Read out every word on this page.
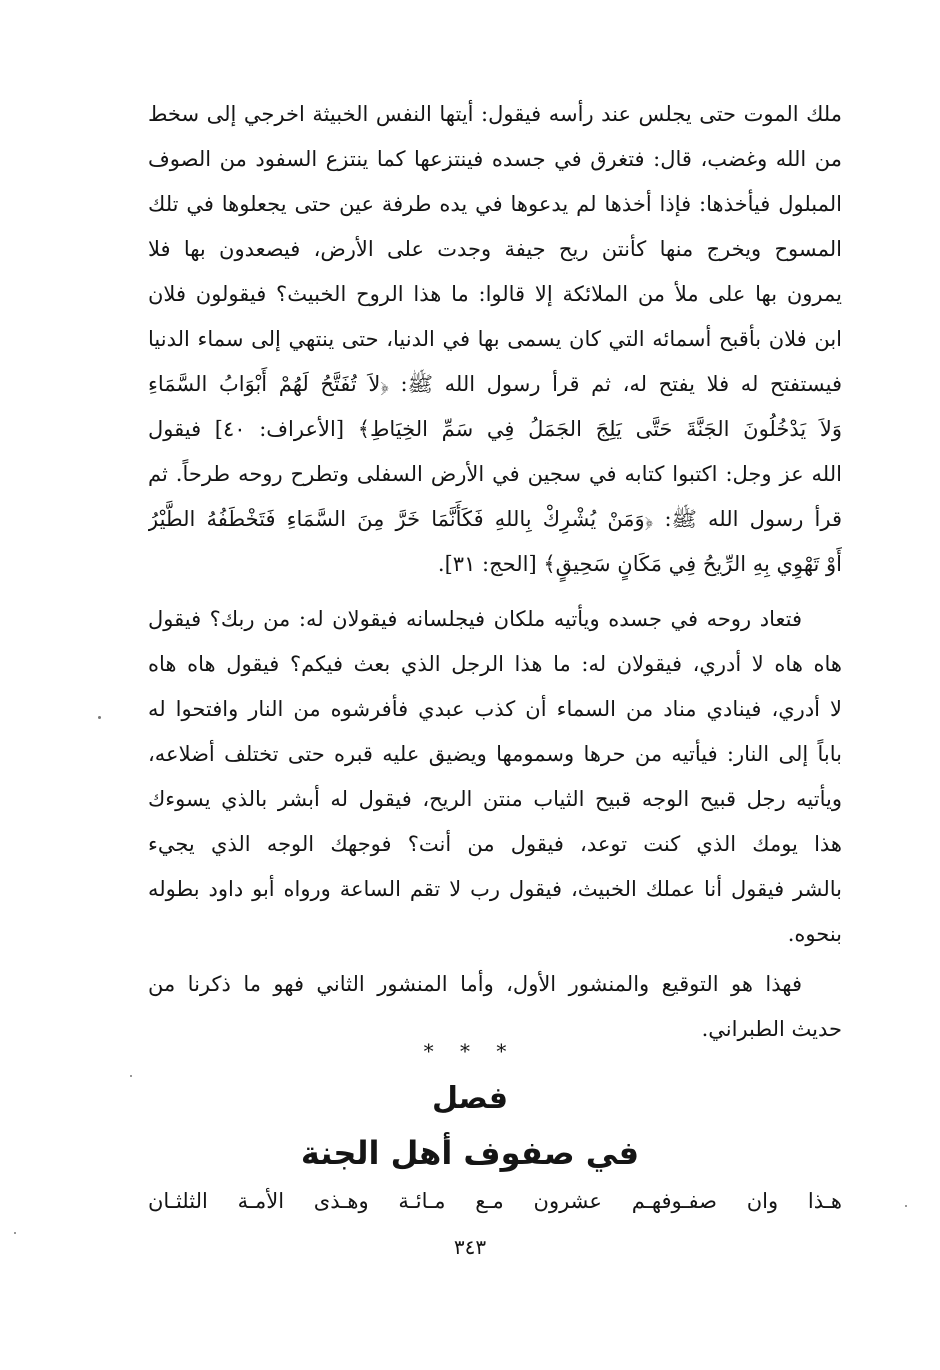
ملك الموت حتى يجلس عند رأسه فيقول: أيتها النفس الخبيثة اخرجي إلى سخط
من الله وغضب، قال: فتغرق في جسده فينتزعها كما ينتزع السفود من الصوف
المبلول فيأخذها: فإذا أخذها لم يدعوها في يده طرفة عين حتى يجعلوها في تلك
المسوح ويخرج منها كأنتن ريح جيفة وجدت على الأرض، فيصعدون بها فلا
يمرون بها على ملأ من الملائكة إلا قالوا: ما هذا الروح الخبيث؟ فيقولون فلان
ابن فلان بأقبح أسمائه التي كان يسمى بها في الدنيا، حتى ينتهي إلى سماء الدنيا
فيستفتح له فلا يفتح له، ثم قرأ رسول الله ﷺ: ﴿لاَ تُفَتَّحُ لَهُمْ أَبْوَابُ السَّمَاءِ
وَلاَ يَدْخُلُونَ الجَنَّةَ حَتَّى يَلِجَ الجَمَلُ فِي سَمِّ الخِيَاطِ﴾ [الأعراف: ٤٠] فيقول
الله عز وجل: اكتبوا كتابه في سجين في الأرض السفلى وتطرح روحه طرحاً. ثم
قرأ رسول الله ﷺ: ﴿وَمَنْ يُشْرِكْ بِاللهِ فَكَأَنَّمَا خَرَّ مِنَ السَّمَاءِ فَتَخْطَفُهُ الطَّيْرُ
أَوْ تَهْوِي بِهِ الرِّيحُ فِي مَكَانٍ سَحِيقٍ﴾ [الحج: ٣١].
فتعاد روحه في جسده ويأتيه ملكان فيجلسانه فيقولان له: من ربك؟ فيقول
هاه هاه لا أدري، فيقولان له: ما هذا الرجل الذي بعث فيكم؟ فيقول هاه هاه
لا أدري، فينادي مناد من السماء أن كذب عبدي فأفرشوه من النار وافتحوا له
باباً إلى النار: فيأتيه من حرها وسمومها ويضيق عليه قبره حتى تختلف أضلاعه،
ويأتيه رجل قبيح الوجه قبيح الثياب منتن الريح، فيقول له أبشر بالذي يسوءك
هذا يومك الذي كنت توعد، فيقول من أنت؟ فوجهك الوجه الذي يجيء
بالشر فيقول أنا عملك الخبيث، فيقول رب لا تقم الساعة ورواه أبو داود بطوله
بنحوه.
فهذا هو التوقيع والمنشور الأول، وأما المنشور الثاني فهو ما ذكرنا من
حديث الطبراني.
* * *
فصل
في صفوف أهل الجنة
هـذا وان صفـوفهـم عشرون مـع مـائـة وهـذى الأمـة الثلثـان
٣٤٣
